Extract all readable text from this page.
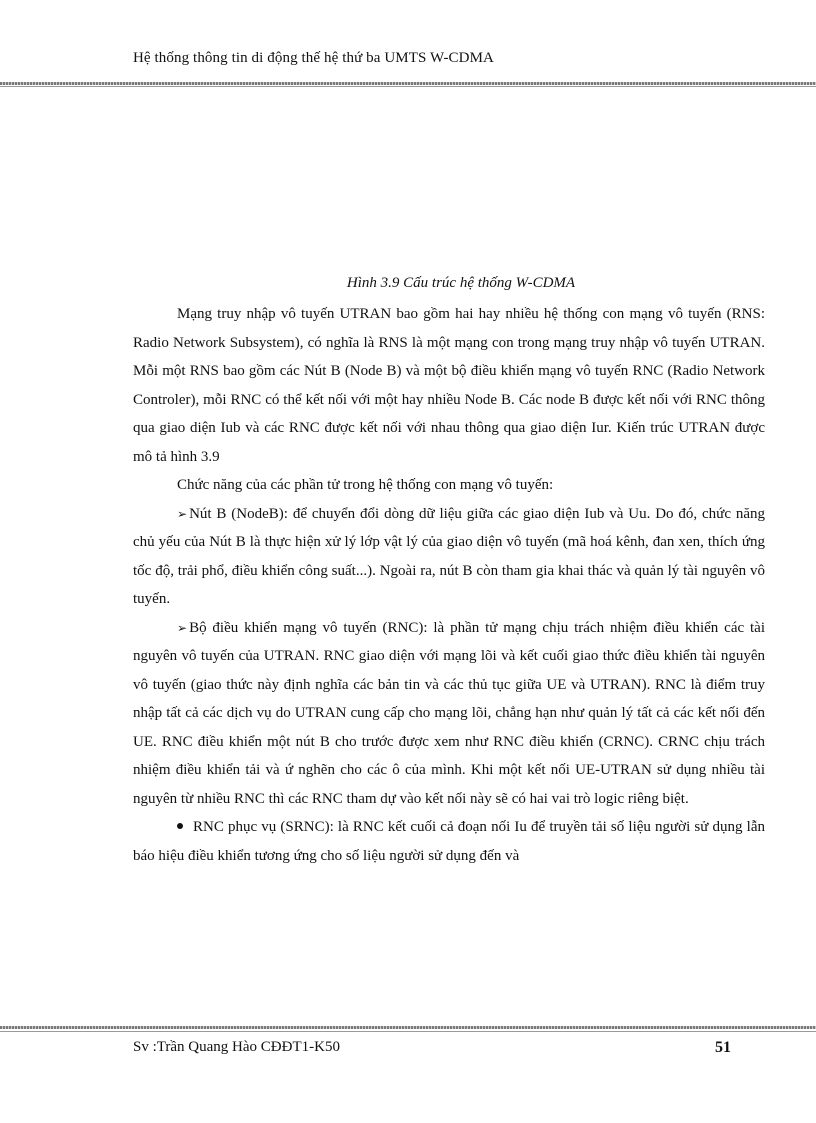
Hệ thống thông tin di động thế hệ thứ ba UMTS W-CDMA
Hình 3.9 Cấu trúc hệ thống W-CDMA

Mạng truy nhập vô tuyến UTRAN bao gồm hai hay nhiều hệ thống con mạng vô tuyến (RNS: Radio Network Subsystem), có nghĩa là RNS là một mạng con trong mạng truy nhập vô tuyến UTRAN. Mỗi một RNS bao gồm các Nút B (Node B) và một bộ điều khiển mạng vô tuyến RNC (Radio Network Controler), mỗi RNC có thể kết nối với một hay nhiều Node B. Các node B được kết nối với RNC thông qua giao diện Iub và các RNC được kết nối với nhau thông qua giao diện Iur. Kiến trúc UTRAN được mô tả hình 3.9

Chức năng của các phần tử trong hệ thống con mạng vô tuyến:

➢ Nút B (NodeB): để chuyển đổi dòng dữ liệu giữa các giao diện Iub và Uu. Do đó, chức năng chủ yếu của Nút B là thực hiện xử lý lớp vật lý của giao diện vô tuyến (mã hoá kênh, đan xen, thích ứng tốc độ, trải phổ, điều khiển công suất...). Ngoài ra, nút B còn tham gia khai thác và quản lý tài nguyên vô tuyến.

➢ Bộ điều khiển mạng vô tuyến (RNC): là phần tử mạng chịu trách nhiệm điều khiển các tài nguyên vô tuyến của UTRAN. RNC giao diện với mạng lõi và kết cuối giao thức điều khiển tài nguyên vô tuyến (giao thức này định nghĩa các bản tin và các thủ tục giữa UE và UTRAN). RNC là điểm truy nhập tất cả các dịch vụ do UTRAN cung cấp cho mạng lõi, chẳng hạn như quản lý tất cả các kết nối đến UE. RNC điều khiển một nút B cho trước được xem như RNC điều khiển (CRNC). CRNC chịu trách nhiệm điều khiển tải và ứ nghẽn cho các ô của mình. Khi một kết nối UE-UTRAN sử dụng nhiều tài nguyên từ nhiều RNC thì các RNC tham dự vào kết nối này sẽ có hai vai trò logic riêng biệt.

RNC phục vụ (SRNC): là RNC kết cuối cả đoạn nối Iu để truyền tải số liệu người sử dụng lẫn báo hiệu điều khiển tương ứng cho số liệu người sử dụng đến và

Sv :Trần Quang Hào CĐĐT1-K50	51
